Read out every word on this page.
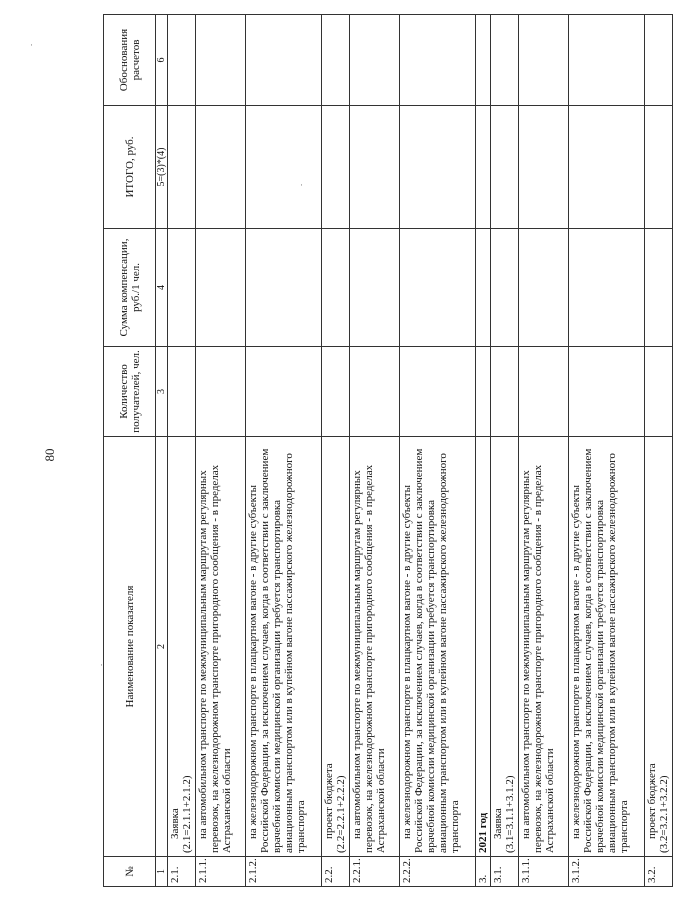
80
·
·
·
№	Наименование показателя	Количество получателей, чел.	Сумма компенсации, руб./1 чел.	ИТОГО, руб.	Обоснования расчетов
1	2	3	4	5=(3)*(4)	6
2.1.	Заявка
(2.1=2.1.1+2.1.2)				
2.1.1.	на автомобильном транспорте по межмуниципальным маршрутам регулярных перевозок, на железнодорожном транспорте пригородного сообщения - в пределах Астраханской области				
2.1.2.	на железнодорожном транспорте в плацкартном вагоне - в другие субъекты Российской Федерации, за исключением случаев, когда в соответствии с заключением врачебной комиссии медицинской организации требуется транспортировка авиационным транспортом или в купейном вагоне пассажирского железнодорожного транспорта				
2.2.	проект бюджета
(2.2=2.2.1+2.2.2)				
2.2.1.	на автомобильном транспорте по межмуниципальным маршрутам регулярных перевозок, на железнодорожном транспорте пригородного сообщения - в пределах Астраханской области				
2.2.2.	на железнодорожном транспорте в плацкартном вагоне - в другие субъекты Российской Федерации, за исключением случаев, когда в соответствии с заключением врачебной комиссии медицинской организации требуется транспортировка авиационным транспортом или в купейном вагоне пассажирского железнодорожного транспорта				
3.	2021 год				
3.1.	Заявка
(3.1=3.1.1+3.1.2)				
3.1.1.	на автомобильном транспорте по межмуниципальным маршрутам регулярных перевозок, на железнодорожном транспорте пригородного сообщения - в пределах Астраханской области				
3.1.2.	на железнодорожном транспорте в плацкартном вагоне - в другие субъекты Российской Федерации, за исключением случаев, когда в соответствии с заключением врачебной комиссии медицинской организации требуется транспортировка авиационным транспортом или в купейном вагоне пассажирского железнодорожного транспорта				
3.2.	проект бюджета
(3.2=3.2.1+3.2.2)				
